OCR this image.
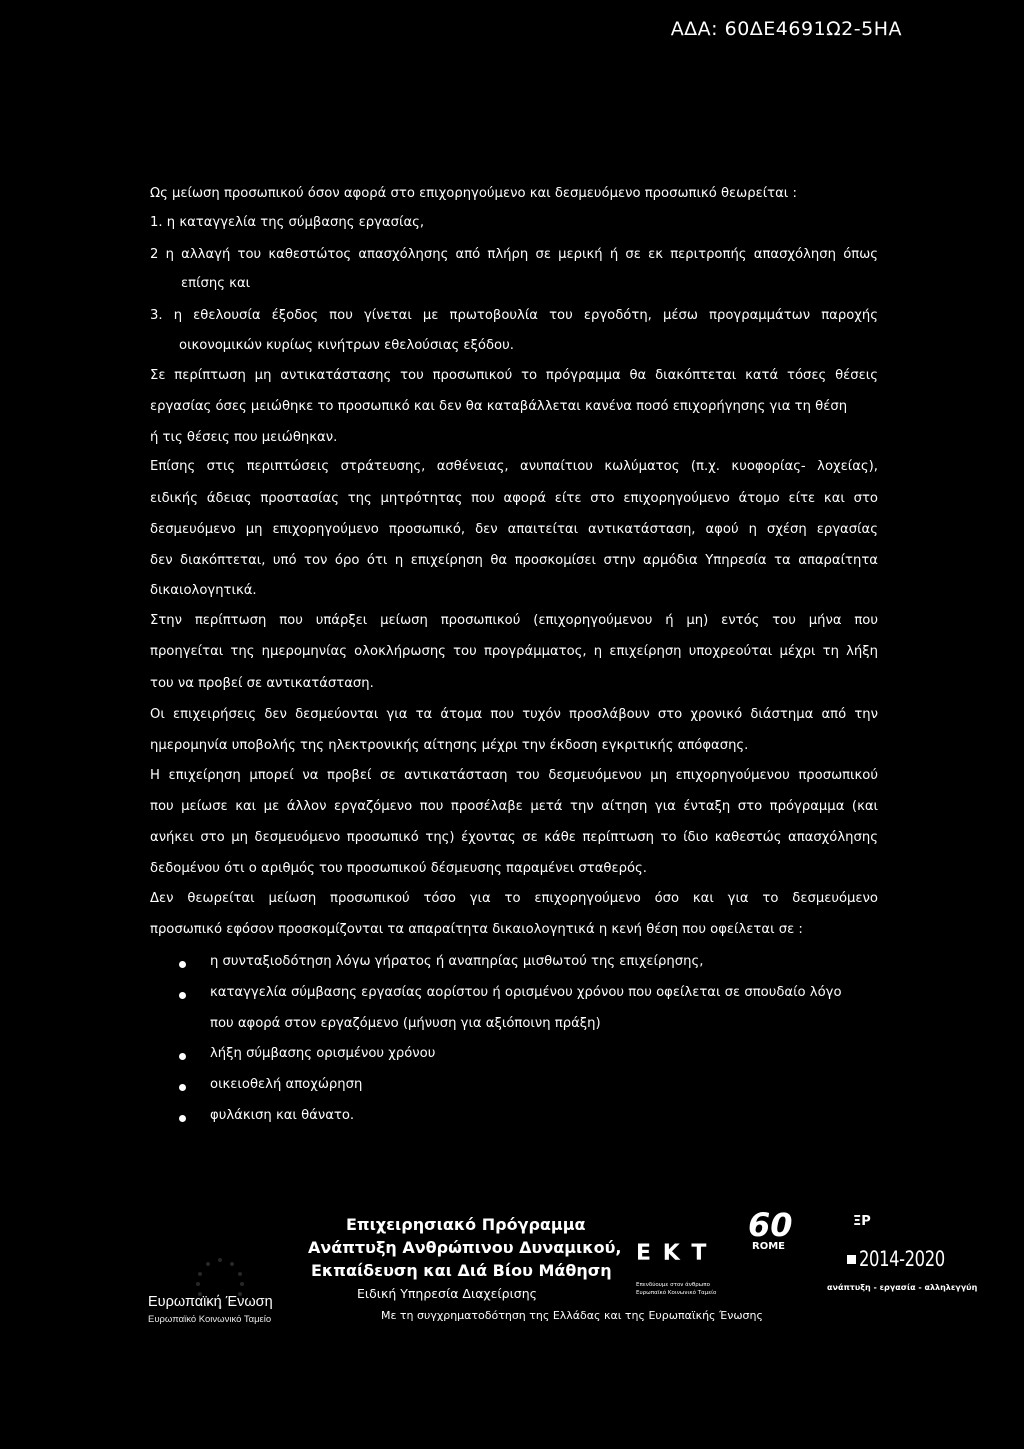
ΑΔΑ: 60ΔΕ4691Ω2-5ΗΑ
Ως μείωση προσωπικού όσον αφορά στο επιχορηγούμενο και δεσμευόμενο προσωπικό θεωρείται :
1. η καταγγελία της σύμβασης εργασίας,
2 η αλλαγή του καθεστώτος απασχόλησης από πλήρη σε μερική ή σε εκ περιτροπής απασχόληση όπως
επίσης και
3. η εθελουσία έξοδος που γίνεται με πρωτοβουλία του εργοδότη, μέσω προγραμμάτων παροχής
οικονομικών κυρίως κινήτρων εθελούσιας εξόδου.
Σε περίπτωση μη αντικατάστασης του προσωπικού το πρόγραμμα θα διακόπτεται κατά τόσες θέσεις
εργασίας όσες μειώθηκε το προσωπικό και δεν θα καταβάλλεται κανένα ποσό επιχορήγησης για τη θέση
ή τις θέσεις που μειώθηκαν.
Επίσης στις περιπτώσεις στράτευσης, ασθένειας, ανυπαίτιου κωλύματος (π.χ. κυοφορίας- λοχείας),
ειδικής άδειας προστασίας της μητρότητας που αφορά είτε στο επιχορηγούμενο άτομο είτε και στο
δεσμευόμενο μη επιχορηγούμενο προσωπικό, δεν απαιτείται αντικατάσταση, αφού η σχέση εργασίας
δεν διακόπτεται, υπό τον όρο ότι η επιχείρηση θα προσκομίσει στην αρμόδια Υπηρεσία τα απαραίτητα
δικαιολογητικά.
Στην περίπτωση που υπάρξει μείωση προσωπικού (επιχορηγούμενου ή μη) εντός του μήνα που
προηγείται της ημερομηνίας ολοκλήρωσης του προγράμματος, η επιχείρηση υποχρεούται μέχρι τη λήξη
του να προβεί σε αντικατάσταση.
Οι επιχειρήσεις δεν δεσμεύονται για τα άτομα που τυχόν προσλάβουν στο χρονικό διάστημα από την
ημερομηνία υποβολής της ηλεκτρονικής αίτησης μέχρι την έκδοση εγκριτικής απόφασης.
Η επιχείρηση μπορεί να προβεί σε αντικατάσταση του δεσμευόμενου μη επιχορηγούμενου προσωπικού
που μείωσε και με άλλον εργαζόμενο που προσέλαβε μετά την αίτηση για ένταξη στο πρόγραμμα (και
ανήκει στο μη δεσμευόμενο προσωπικό της) έχοντας σε κάθε περίπτωση το ίδιο καθεστώς απασχόλησης
δεδομένου ότι ο αριθμός του προσωπικού δέσμευσης παραμένει σταθερός.
Δεν θεωρείται μείωση προσωπικού τόσο για το επιχορηγούμενο όσο και για το δεσμευόμενο
προσωπικό εφόσον προσκομίζονται τα απαραίτητα δικαιολογητικά η κενή θέση που οφείλεται σε :
η συνταξιοδότηση λόγω γήρατος ή αναπηρίας μισθωτού της επιχείρησης,
καταγγελία σύμβασης εργασίας αορίστου ή ορισμένου χρόνου που οφείλεται σε σπουδαίο λόγο
που αφορά στον εργαζόμενο (μήνυση για αξιόποινη πράξη)
λήξη σύμβασης ορισμένου χρόνου
οικειοθελή αποχώρηση
φυλάκιση και θάνατο.
Ευρωπαϊκή Ένωση
Ευρωπαϊκό Κοινωνικό Ταμείο
Επιχειρησιακό Πρόγραμμα
Ανάπτυξη Ανθρώπινου Δυναμικού,
Εκπαίδευση και Διά Βίου Μάθηση
Ειδική Υπηρεσία Διαχείρισης
Με τη συγχρηματοδότηση της Ελλάδας και της Ευρωπαϊκής Ένωσης
Ε Κ Τ
Επενδύουμε στον άνθρωπο
Ευρωπαϊκό Κοινωνικό Ταμείο
60
ROME
ΞΡ
2014-2020
ανάπτυξη - εργασία - αλληλεγγύη
